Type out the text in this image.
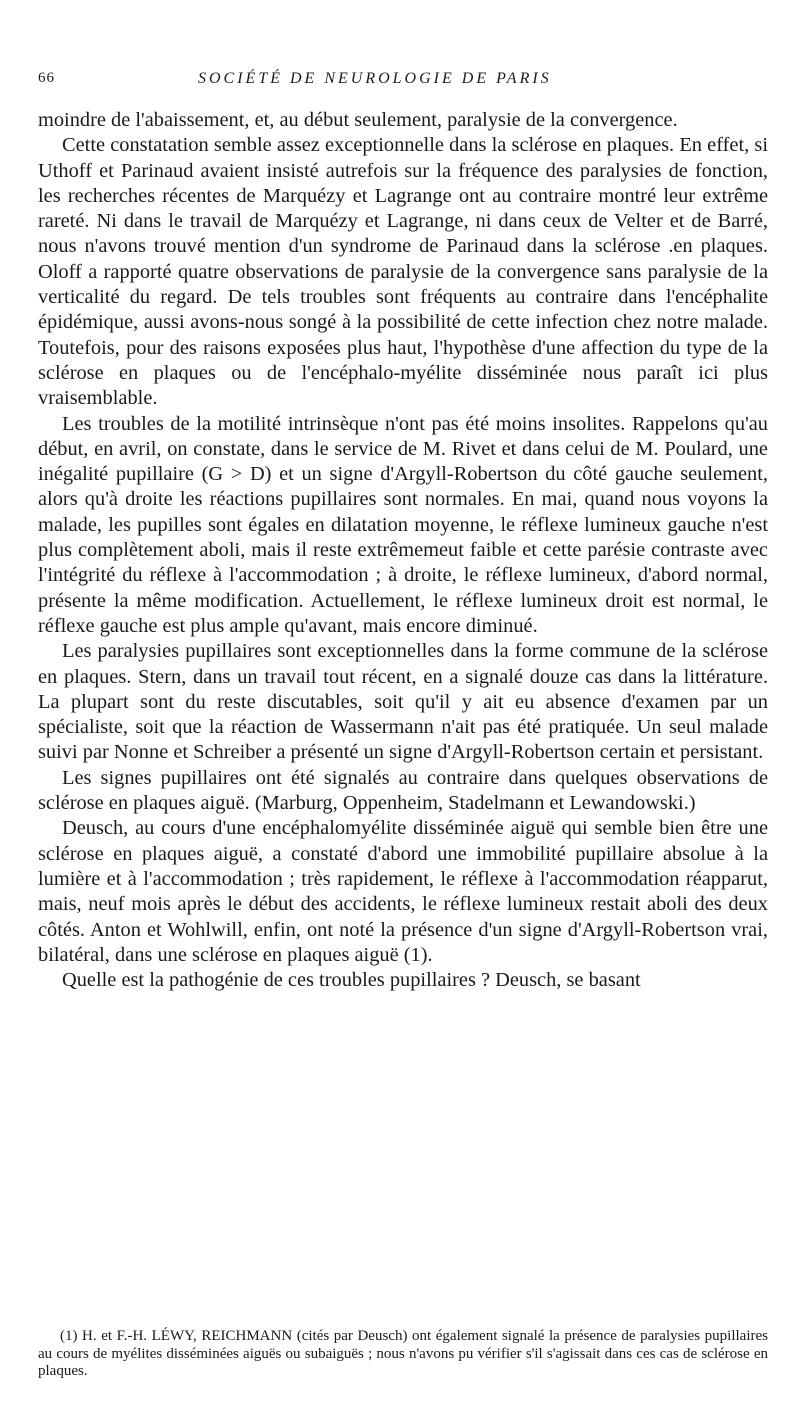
66	SOCIÉTÉ DE NEUROLOGIE DE PARIS

moindre de l'abaissement, et, au début seulement, paralysie de la convergence.

Cette constatation semble assez exceptionnelle dans la sclérose en plaques. En effet, si Uthoff et Parinaud avaient insisté autrefois sur la fréquence des paralysies de fonction, les recherches récentes de Marquézy et Lagrange ont au contraire montré leur extrême rareté. Ni dans le travail de Marquézy et Lagrange, ni dans ceux de Velter et de Barré, nous n'avons trouvé mention d'un syndrome de Parinaud dans la sclérose .en plaques. Oloff a rapporté quatre observations de paralysie de la convergence sans paralysie de la verticalité du regard. De tels troubles sont fréquents au contraire dans l'encéphalite épidémique, aussi avons-nous songé à la possibilité de cette infection chez notre malade. Toutefois, pour des raisons exposées plus haut, l'hypothèse d'une affection du type de la sclérose en plaques ou de l'encéphalo-myélite disséminée nous paraît ici plus vraisemblable.

Les troubles de la motilité intrinsèque n'ont pas été moins insolites. Rappelons qu'au début, en avril, on constate, dans le service de M. Rivet et dans celui de M. Poulard, une inégalité pupillaire (G > D) et un signe d'Argyll-Robertson du côté gauche seulement, alors qu'à droite les réactions pupillaires sont normales. En mai, quand nous voyons la malade, les pupilles sont égales en dilatation moyenne, le réflexe lumineux gauche n'est plus complètement aboli, mais il reste extrêmemeut faible et cette parésie contraste avec l'intégrité du réflexe à l'accommodation ; à droite, le réflexe lumineux, d'abord normal, présente la même modification. Actuellement, le réflexe lumineux droit est normal, le réflexe gauche est plus ample qu'avant, mais encore diminué.

Les paralysies pupillaires sont exceptionnelles dans la forme commune de la sclérose en plaques. Stern, dans un travail tout récent, en a signalé douze cas dans la littérature. La plupart sont du reste discutables, soit qu'il y ait eu absence d'examen par un spécialiste, soit que la réaction de Wassermann n'ait pas été pratiquée. Un seul malade suivi par Nonne et Schreiber a présenté un signe d'Argyll-Robertson certain et persistant.

Les signes pupillaires ont été signalés au contraire dans quelques observations de sclérose en plaques aiguë. (Marburg, Oppenheim, Stadelmann et Lewandowski.)

Deusch, au cours d'une encéphalomyélite disséminée aiguë qui semble bien être une sclérose en plaques aiguë, a constaté d'abord une immobilité pupillaire absolue à la lumière et à l'accommodation ; très rapidement, le réflexe à l'accommodation réapparut, mais, neuf mois après le début des accidents, le réflexe lumineux restait aboli des deux côtés. Anton et Wohlwill, enfin, ont noté la présence d'un signe d'Argyll-Robertson vrai, bilatéral, dans une sclérose en plaques aiguë (1).

Quelle est la pathogénie de ces troubles pupillaires ? Deusch, se basant

(1) H. et F.-H. LÉWY, REICHMANN (cités par Deusch) ont également signalé la présence de paralysies pupillaires au cours de myélites disséminées aiguës ou subaiguës ; nous n'avons pu vérifier s'il s'agissait dans ces cas de sclérose en plaques.
